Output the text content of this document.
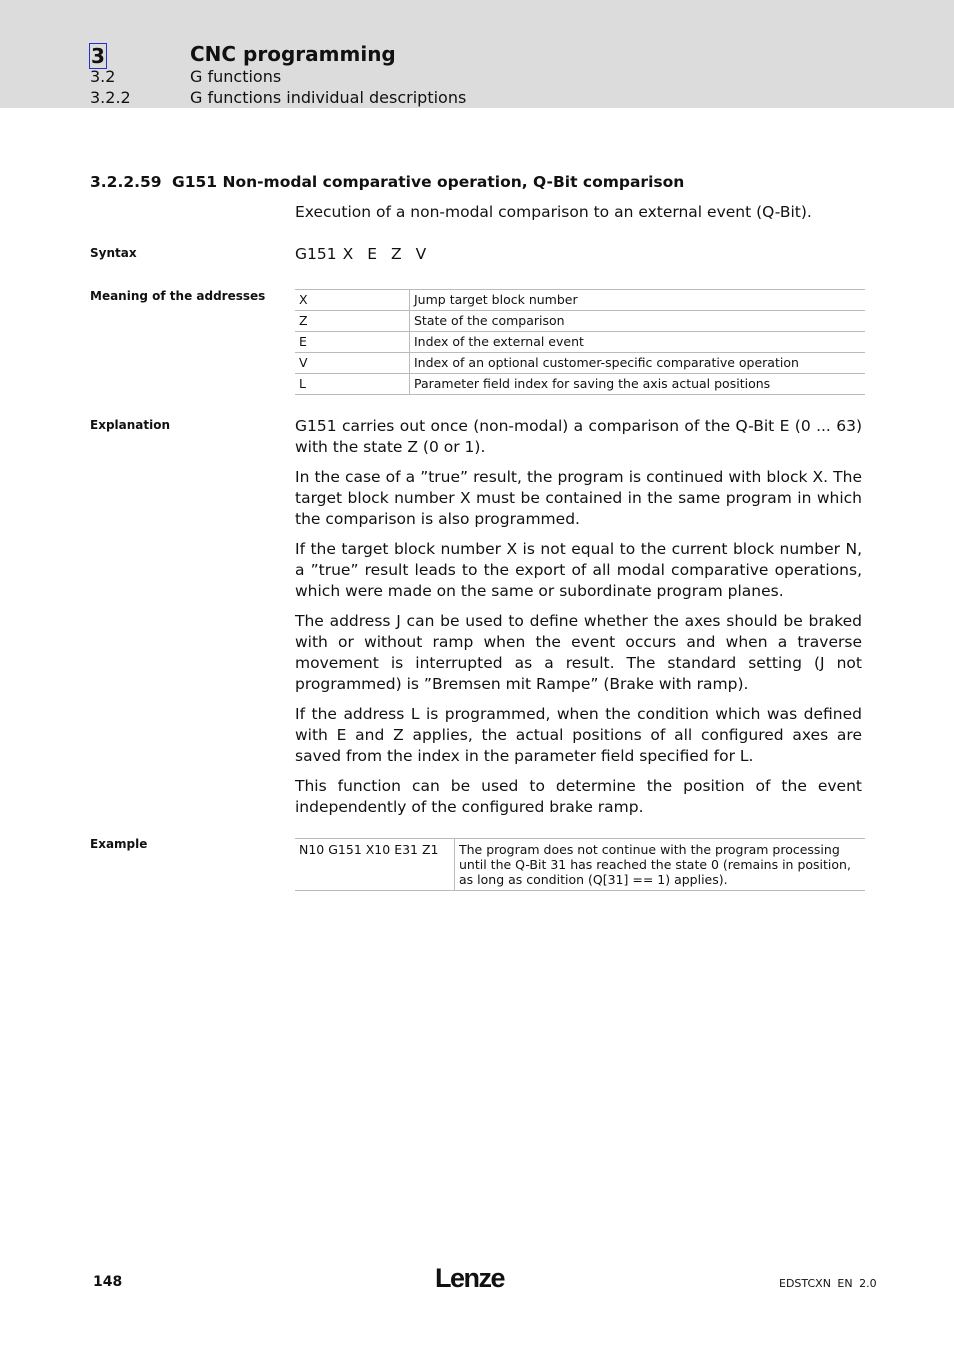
3	CNC programming
3.2	G functions
3.2.2	G functions individual descriptions
3.2.2.59 G151 Non-modal comparative operation, Q-Bit comparison
Execution of a non-modal comparison to an external event (Q-Bit).
Syntax	G151 X E Z V
Meaning of the addresses	X	Jump target block number
Z	State of the comparison
E	Index of the external event
V	Index of an optional customer-specific comparative operation
L	Parameter field index for saving the axis actual positions
Explanation	G151 carries out once (non-modal) a comparison of the Q-Bit E (0 ... 63) with the state Z (0 or 1).

In the case of a ”true” result, the program is continued with block X. The target block number X must be contained in the same program in which the comparison is also programmed.

If the target block number X is not equal to the current block number N, a ”true” result leads to the export of all modal comparative operations, which were made on the same or subordinate program planes.

The address J can be used to define whether the axes should be braked with or without ramp when the event occurs and when a traverse movement is interrupted as a result. The standard setting (J not programmed) is ”Bremsen mit Rampe” (Brake with ramp).

If the address L is programmed, when the condition which was defined with E and Z applies, the actual positions of all configured axes are saved from the index in the parameter field specified for L.

This function can be used to determine the position of the event independently of the configured brake ramp.

Example	N10 G151 X10 E31 Z1	The program does not continue with the program processing until the Q-Bit 31 has reached the state 0 (remains in position, as long as condition (Q[31] == 1) applies).
148	Lenze	EDSTCXN EN 2.0
